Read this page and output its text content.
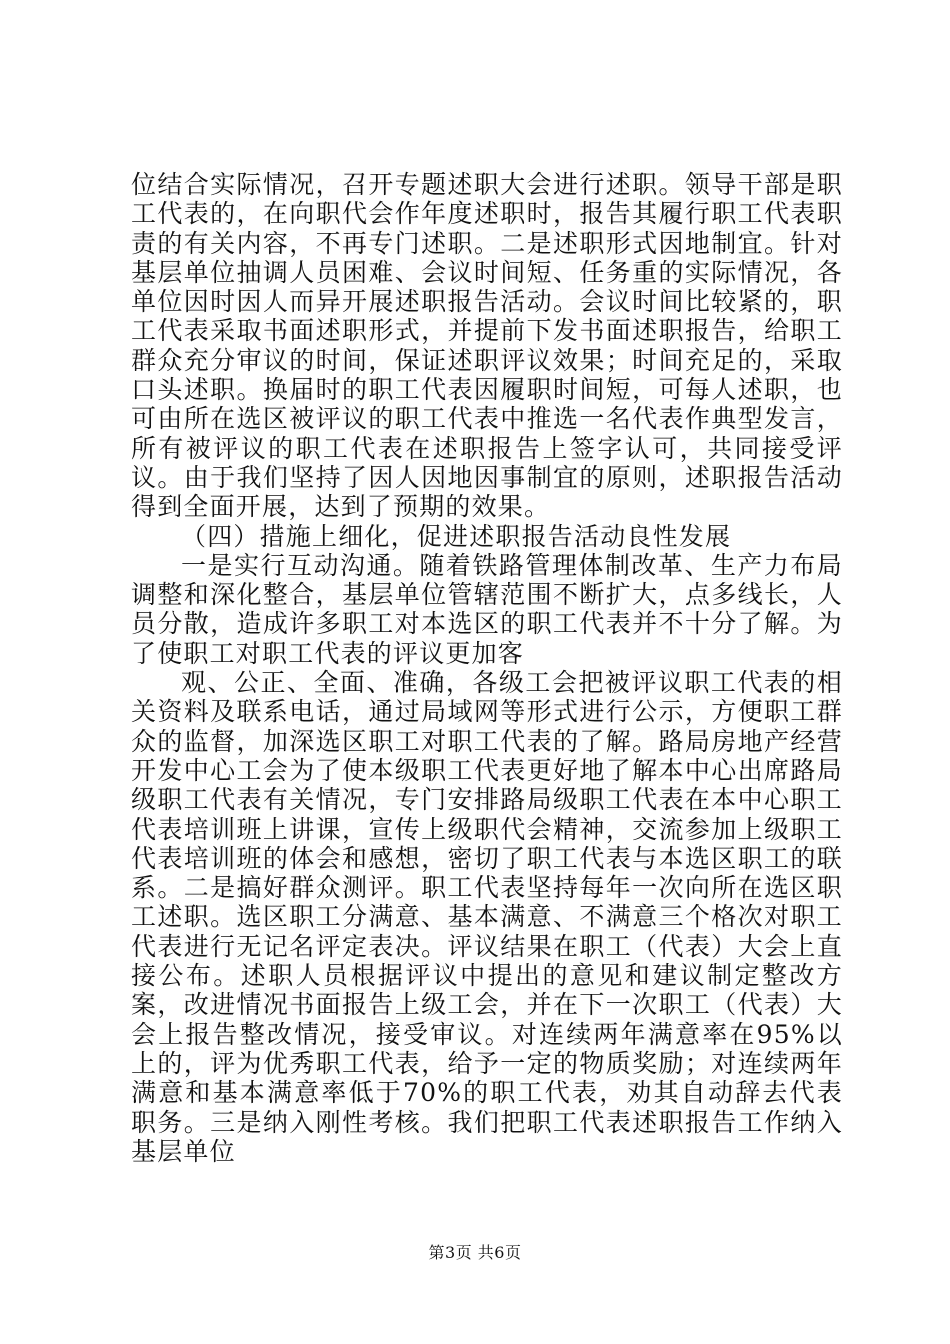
位结合实际情况，召开专题述职大会进行述职。领导干部是职工代表的，在向职代会作年度述职时，报告其履行职工代表职责的有关内容，不再专门述职。二是述职形式因地制宜。针对基层单位抽调人员困难、会议时间短、任务重的实际情况，各单位因时因人而异开展述职报告活动。会议时间比较紧的，职工代表采取书面述职形式，并提前下发书面述职报告，给职工群众充分审议的时间，保证述职评议效果；时间充足的，采取口头述职。换届时的职工代表因履职时间短，可每人述职，也可由所在选区被评议的职工代表中推选一名代表作典型发言，所有被评议的职工代表在述职报告上签字认可，共同接受评议。由于我们坚持了因人因地因事制宜的原则，述职报告活动得到全面开展，达到了预期的效果。

（四）措施上细化，促进述职报告活动良性发展

一是实行互动沟通。随着铁路管理体制改革、生产力布局调整和深化整合，基层单位管辖范围不断扩大，点多线长，人员分散，造成许多职工对本选区的职工代表并不十分了解。为了使职工对职工代表的评议更加客

观、公正、全面、准确，各级工会把被评议职工代表的相关资料及联系电话，通过局域网等形式进行公示，方便职工群众的监督，加深选区职工对职工代表的了解。路局房地产经营开发中心工会为了使本级职工代表更好地了解本中心出席路局级职工代表有关情况，专门安排路局级职工代表在本中心职工代表培训班上讲课，宣传上级职代会精神，交流参加上级职工代表培训班的体会和感想，密切了职工代表与本选区职工的联系。二是搞好群众测评。职工代表坚持每年一次向所在选区职工述职。选区职工分满意、基本满意、不满意三个格次对职工代表进行无记名评定表决。评议结果在职工（代表）大会上直接公布。述职人员根据评议中提出的意见和建议制定整改方案，改进情况书面报告上级工会，并在下一次职工（代表）大会上报告整改情况，接受审议。对连续两年满意率在95%以上的，评为优秀职工代表，给予一定的物质奖励；对连续两年满意和基本满意率低于70%的职工代表，劝其自动辞去代表职务。三是纳入刚性考核。我们把职工代表述职报告工作纳入基层单位

第3页 共6页
